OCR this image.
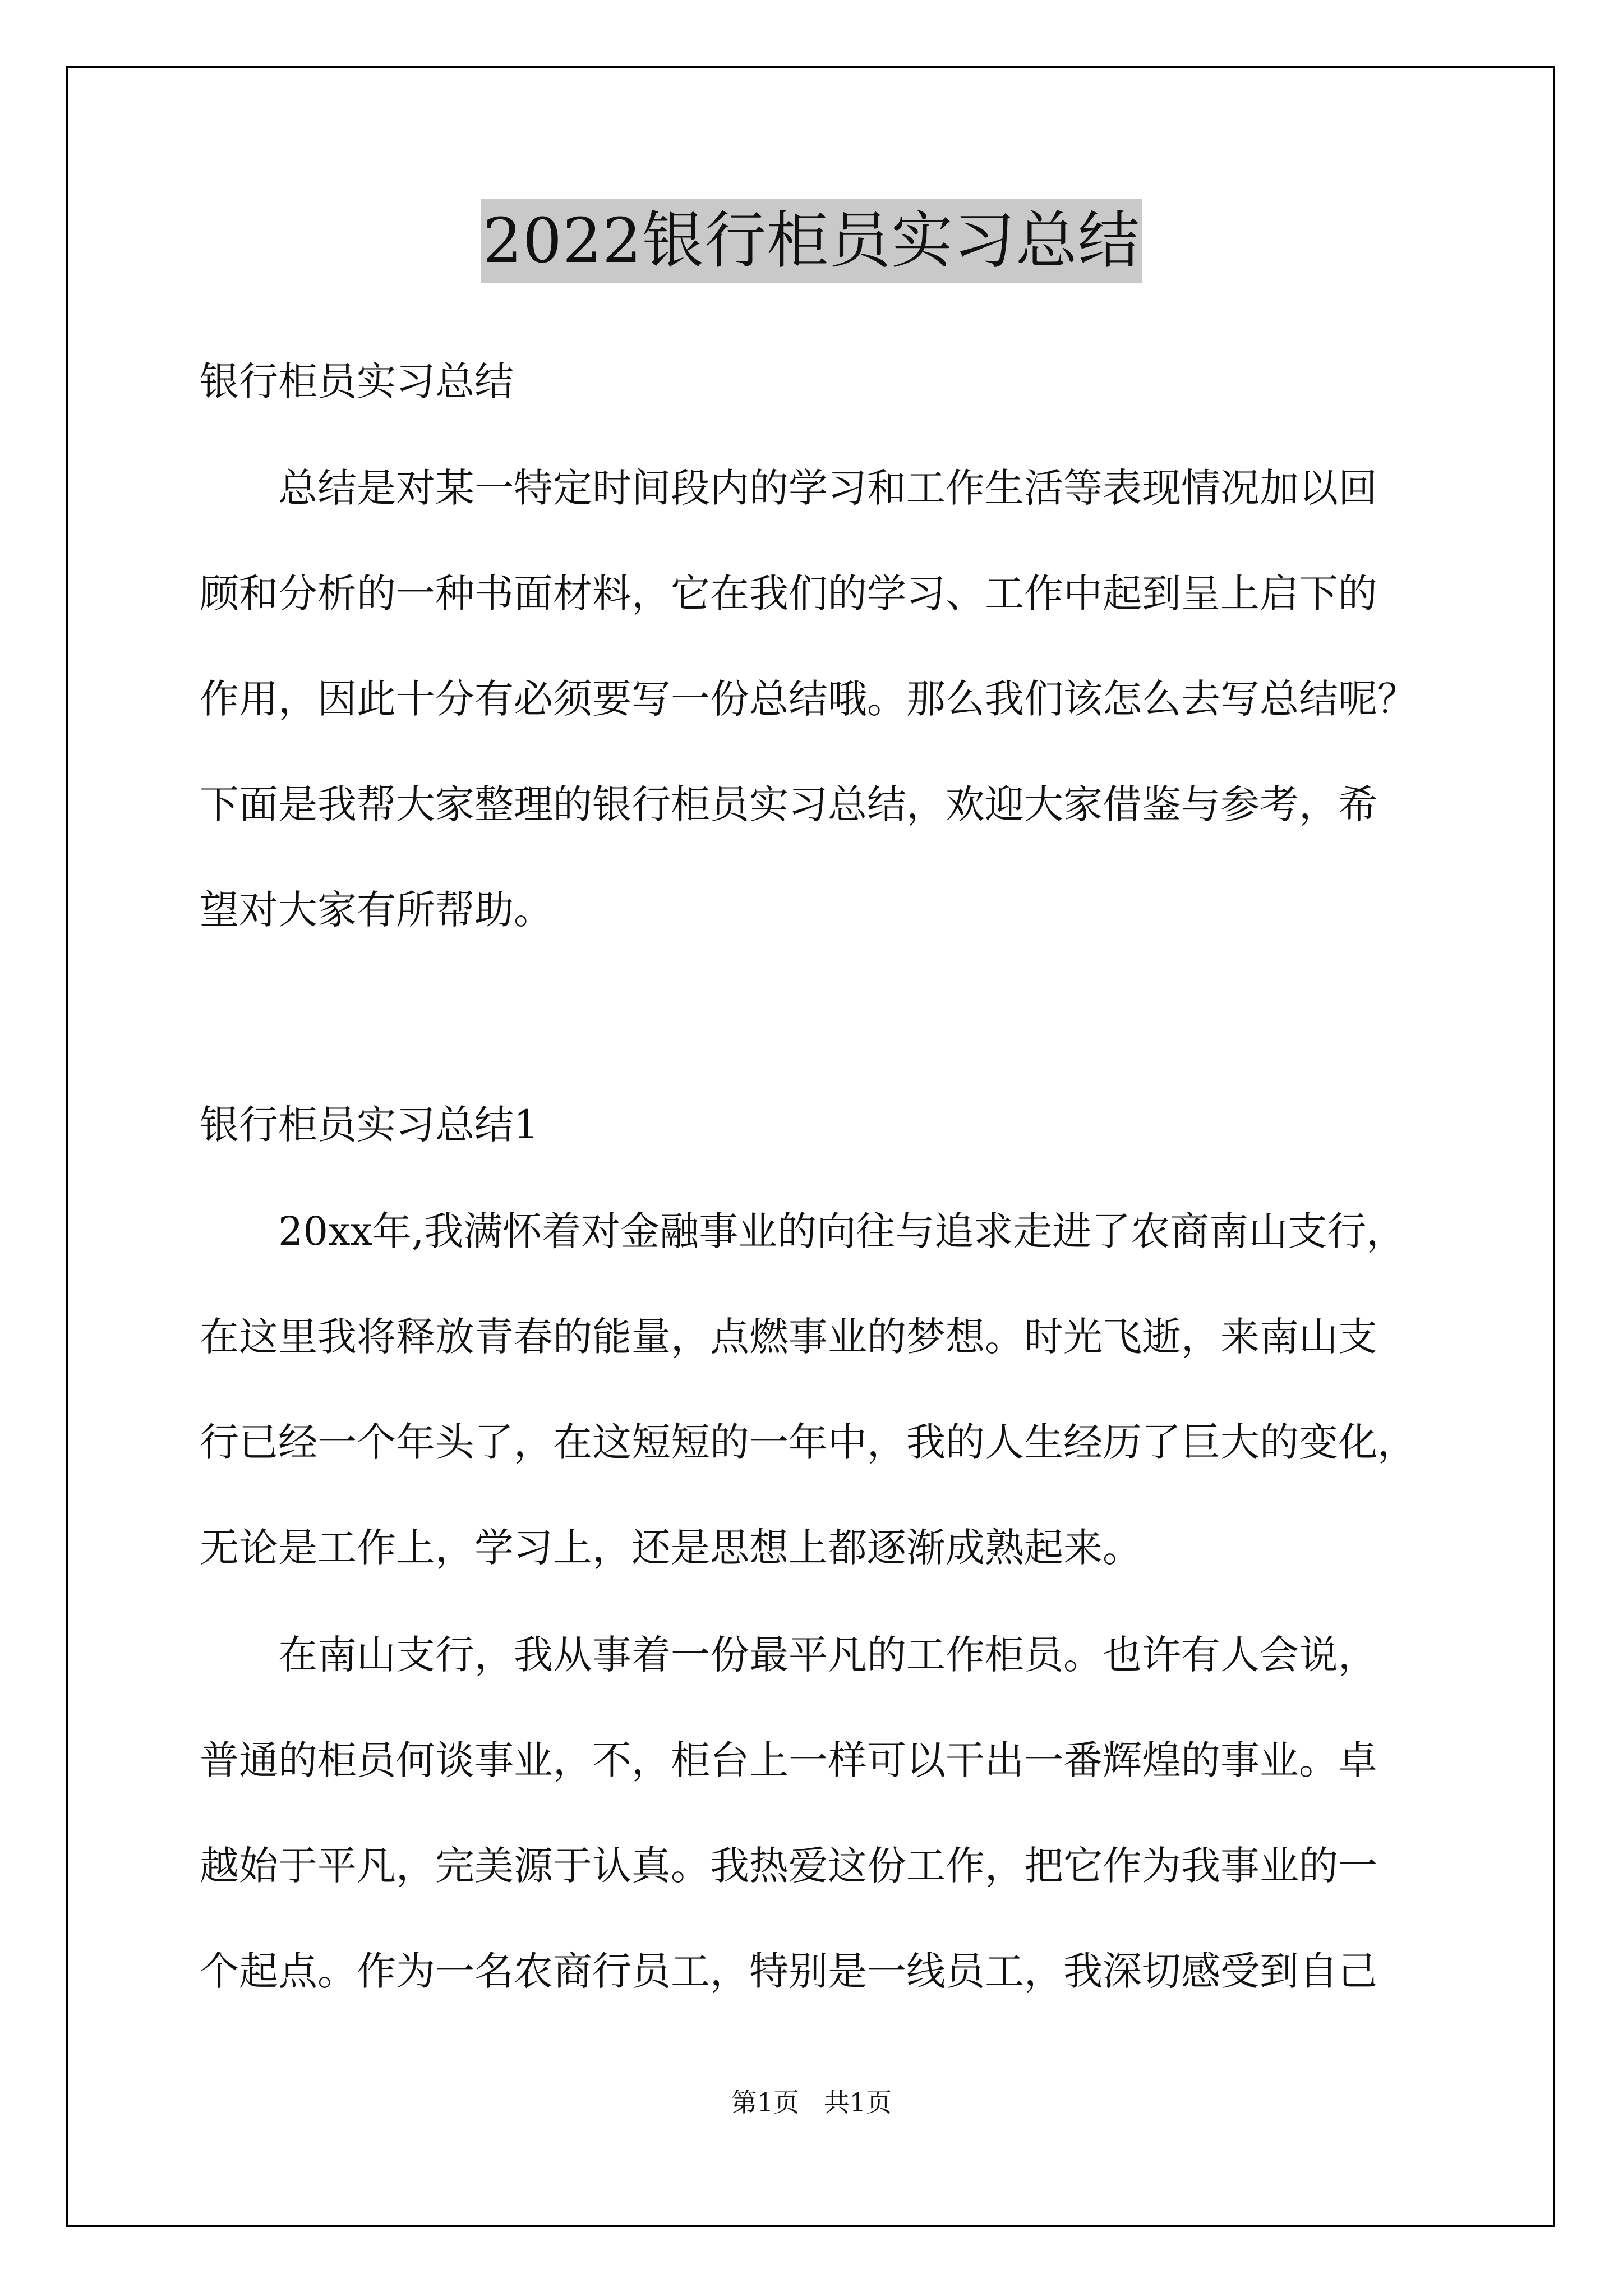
2022银行柜员实习总结
银行柜员实习总结
总结是对某一特定时间段内的学习和工作生活等表现情况加以回
顾和分析的一种书面材料，它在我们的学习、工作中起到呈上启下的
作用，因此十分有必须要写一份总结哦。那么我们该怎么去写总结呢？
下面是我帮大家整理的银行柜员实习总结，欢迎大家借鉴与参考，希
望对大家有所帮助。
银行柜员实习总结1
20xx年,我满怀着对金融事业的向往与追求走进了农商南山支行，
在这里我将释放青春的能量，点燃事业的梦想。时光飞逝，来南山支
行已经一个年头了，在这短短的一年中，我的人生经历了巨大的变化，
无论是工作上，学习上，还是思想上都逐渐成熟起来。
在南山支行，我从事着一份最平凡的工作柜员。也许有人会说，
普通的柜员何谈事业，不，柜台上一样可以干出一番辉煌的事业。卓
越始于平凡，完美源于认真。我热爱这份工作，把它作为我事业的一
个起点。作为一名农商行员工，特别是一线员工，我深切感受到自己
第1页   共1页
